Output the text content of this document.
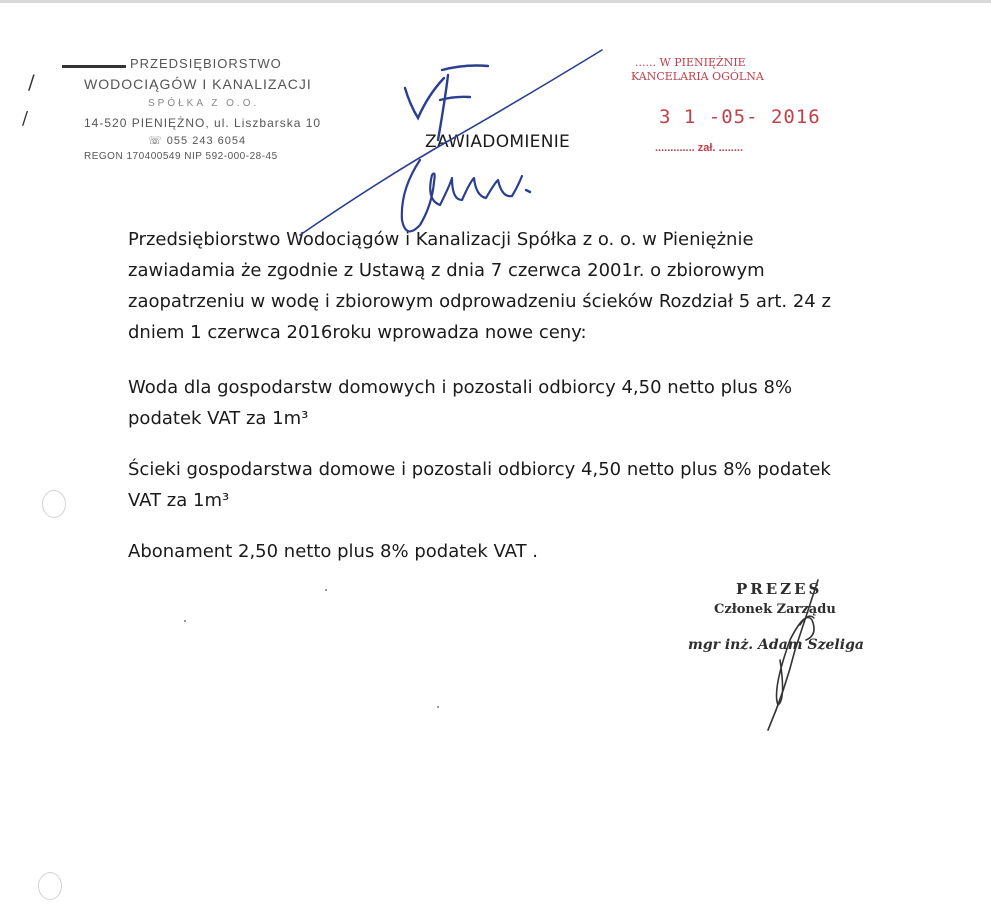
/
/
PRZEDSIĘBIORSTWO
WODOCIĄGÓW I KANALIZACJI
SPÓŁKA Z O.O.
14-520 PIENIĘŻNO, ul. Liszbarska 10
☏ 055 243 6054
REGON 170400549 NIP 592-000-28-45
...... W PIENIĘŻNIE
KANCELARIA OGÓLNA
3 1 -05- 2016
............. zał. ........
ZAWIADOMIENIE
Przedsiębiorstwo Wodociągów i Kanalizacji Spółka z o. o. w Pieniężnie
zawiadamia że zgodnie z Ustawą z dnia 7 czerwca 2001r. o zbiorowym
zaopatrzeniu w wodę i zbiorowym odprowadzeniu ścieków Rozdział 5 art. 24 z
dniem 1 czerwca 2016roku wprowadza nowe ceny:
Woda dla gospodarstw domowych i pozostali odbiorcy 4,50 netto plus 8%
podatek VAT za 1m³
Ścieki gospodarstwa domowe i pozostali odbiorcy 4,50 netto plus 8% podatek
VAT za 1m³
Abonament 2,50 netto plus 8% podatek VAT .
PREZES
Członek Zarządu
mgr inż. Adam Szeliga
